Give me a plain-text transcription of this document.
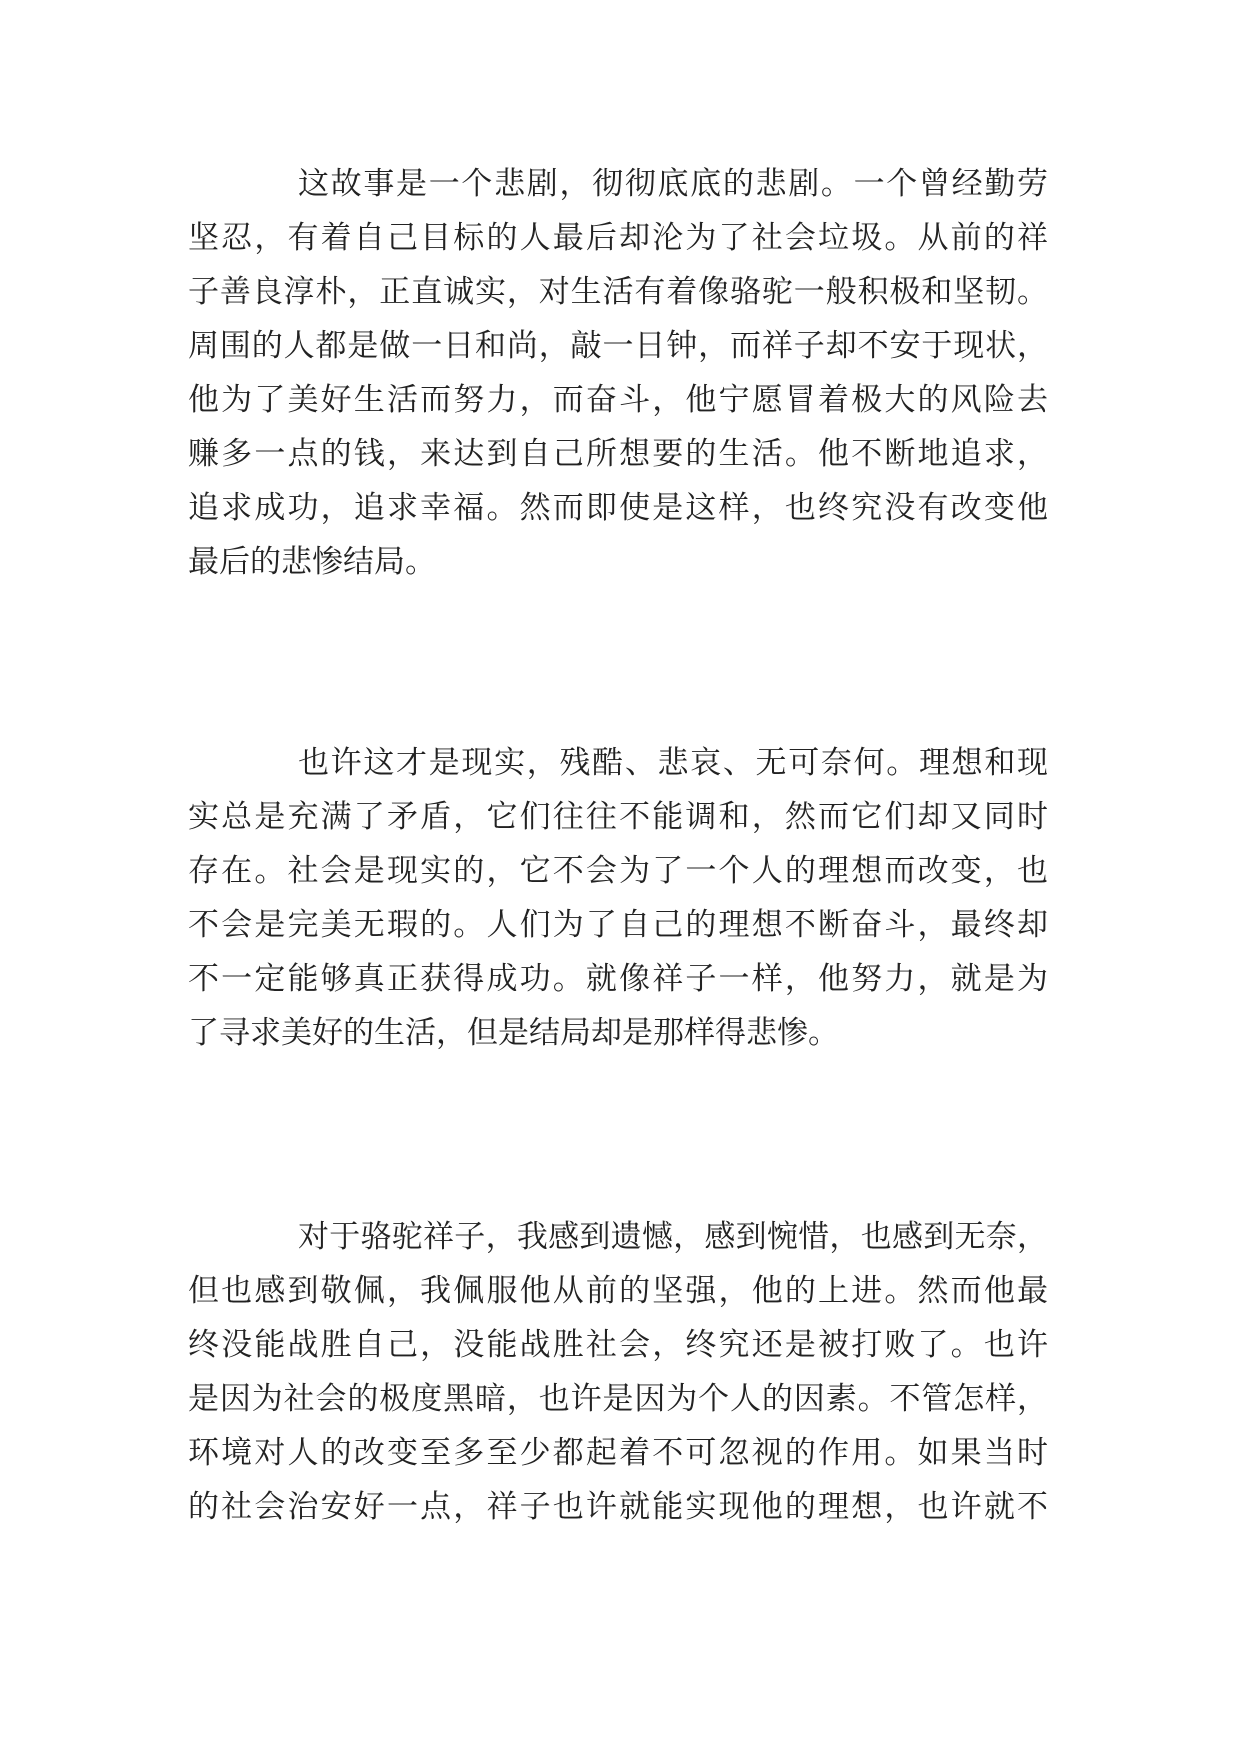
这故事是一个悲剧，彻彻底底的悲剧。一个曾经勤劳
坚忍，有着自己目标的人最后却沦为了社会垃圾。从前的祥
子善良淳朴，正直诚实，对生活有着像骆驼一般积极和坚韧。
周围的人都是做一日和尚，敲一日钟，而祥子却不安于现状，
他为了美好生活而努力，而奋斗，他宁愿冒着极大的风险去
赚多一点的钱，来达到自己所想要的生活。他不断地追求，
追求成功，追求幸福。然而即使是这样，也终究没有改变他
最后的悲惨结局。
也许这才是现实，残酷、悲哀、无可奈何。理想和现
实总是充满了矛盾，它们往往不能调和，然而它们却又同时
存在。社会是现实的，它不会为了一个人的理想而改变，也
不会是完美无瑕的。人们为了自己的理想不断奋斗，最终却
不一定能够真正获得成功。就像祥子一样，他努力，就是为
了寻求美好的生活，但是结局却是那样得悲惨。
对于骆驼祥子，我感到遗憾，感到惋惜，也感到无奈，
但也感到敬佩，我佩服他从前的坚强，他的上进。然而他最
终没能战胜自己，没能战胜社会，终究还是被打败了。也许
是因为社会的极度黑暗，也许是因为个人的因素。不管怎样，
环境对人的改变至多至少都起着不可忽视的作用。如果当时
的社会治安好一点，祥子也许就能实现他的理想，也许就不
